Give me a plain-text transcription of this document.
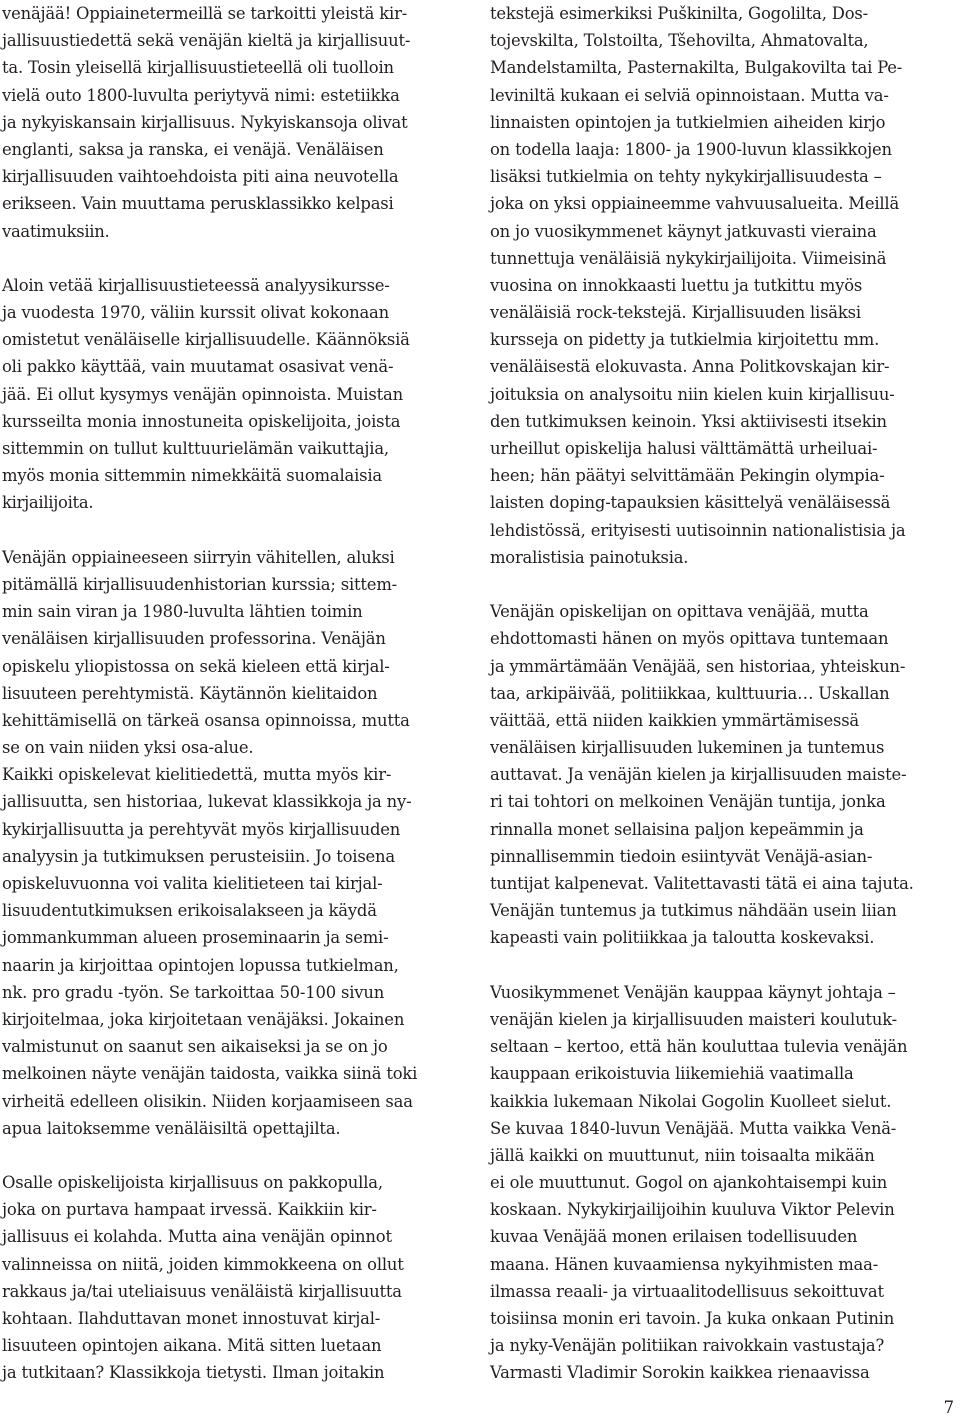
venäjää! Oppiainetermeillä se tarkoitti yleistä kir-
jallisuustiedettä sekä venäjän kieltä ja kirjallisuut-
ta. Tosin yleisellä kirjallisuustieteellä oli tuolloin
vielä outo 1800-luvulta periytyvä nimi: estetiikka
ja nykyiskansain kirjallisuus. Nykyiskansoja olivat
englanti, saksa ja ranska, ei venäjä. Venäläisen
kirjallisuuden vaihtoehdoista piti aina neuvotella
erikseen. Vain muuttama perusklassikko kelpasi
vaatimuksiin.
Aloin vetää kirjallisuustieteessä analyysikursse-
ja vuodesta 1970, väliin kurssit olivat kokonaan
omistetut venäläiselle kirjallisuudelle. Käännöksiä
oli pakko käyttää, vain muutamat osasivat venä-
jää. Ei ollut kysymys venäjän opinnoista. Muistan
kursseilta monia innostuneita opiskelijoita, joista
sittemmin on tullut kulttuurielämän vaikuttajia,
myös monia sittemmin nimekkäitä suomalaisia
kirjailijoita.
Venäjän oppiaineeseen siirryin vähitellen, aluksi
pitämällä kirjallisuudenhistorian kurssia; sittem-
min sain viran ja 1980-luvulta lähtien toimin
venäläisen kirjallisuuden professorina. Venäjän
opiskelu yliopistossa on sekä kieleen että kirjal-
lisuuteen perehtymistä. Käytännön kielitaidon
kehittämisellä on tärkeä osansa opinnoissa, mutta
se on vain niiden yksi osa-alue.
Kaikki opiskelevat kielitiedettä, mutta myös kir-
jallisuutta, sen historiaa, lukevat klassikkoja ja ny-
kykirjallisuutta ja perehtyvät myös kirjallisuuden
analyysin ja tutkimuksen perusteisiin. Jo toisena
opiskeluvuonna voi valita kielitieteen tai kirjal-
lisuudentutkimuksen erikoisalakseen ja käydä
jommankumman alueen proseminaarin ja semi-
naarin ja kirjoittaa opintojen lopussa tutkielman,
nk. pro gradu -työn. Se tarkoittaa 50-100 sivun
kirjoitelmaa, joka kirjoitetaan venäjäksi. Jokainen
valmistunut on saanut sen aikaiseksi ja se on jo
melkoinen näyte venäjän taidosta, vaikka siinä toki
virheitä edelleen olisikin. Niiden korjaamiseen saa
apua laitoksemme venäläisiltä opettajilta.
Osalle opiskelijoista kirjallisuus on pakkopulla,
joka on purtava hampaat irvessä. Kaikkiin kir-
jallisuus ei kolahda. Mutta aina venäjän opinnot
valinneissa on niitä, joiden kimmokkeena on ollut
rakkaus ja/tai uteliaisuus venäläistä kirjallisuutta
kohtaan. Ilahduttavan monet innostuvat kirjal-
lisuuteen opintojen aikana. Mitä sitten luetaan
ja tutkitaan? Klassikkoja tietysti. Ilman joitakin
tekstejä esimerkiksi Puškinilta, Gogolilta, Dos-
tojevskilta, Tolstoilta, Tšehovilta, Ahmatovalta,
Mandelstamilta, Pasternakilta, Bulgakovilta tai Pe-
leviniltä kukaan ei selviä opinnoistaan. Mutta va-
linnaisten opintojen ja tutkielmien aiheiden kirjo
on todella laaja: 1800- ja 1900-luvun klassikkojen
lisäksi tutkielmia on tehty nykykirjallisuudesta –
joka on yksi oppiaineemme vahvuusalueita. Meillä
on jo vuosikymmenet käynyt jatkuvasti vieraina
tunnettuja venäläisiä nykykirjailijoita. Viimeisinä
vuosina on innokkaasti luettu ja tutkittu myös
venäläisiä rock-tekstejä. Kirjallisuuden lisäksi
kursseja on pidetty ja tutkielmia kirjoitettu mm.
venäläisestä elokuvasta. Anna Politkovskajan kir-
joituksia on analysoitu niin kielen kuin kirjallisuu-
den tutkimuksen keinoin. Yksi aktiivisesti itsekin
urheillut opiskelija halusi välttämättä urheiluai-
heen; hän päätyi selvittämään Pekingin olympia-
laisten doping-tapauksien käsittelyä venäläisessä
lehdistössä, erityisesti uutisoinnin nationalistisia ja
moralistisia painotuksia.
Venäjän opiskelijan on opittava venäjää, mutta
ehdottomasti hänen on myös opittava tuntemaan
ja ymmärtämään Venäjää, sen historiaa, yhteiskun-
taa, arkipäivää, politiikkaa, kulttuuria… Uskallan
väittää, että niiden kaikkien ymmärtämisessä
venäläisen kirjallisuuden lukeminen ja tuntemus
auttavat. Ja venäjän kielen ja kirjallisuuden maiste-
ri tai tohtori on melkoinen Venäjän tuntija, jonka
rinnalla monet sellaisina paljon kepeämmin ja
pinnallisemmin tiedoin esiintyvät Venäjä-asian-
tuntijat kalpenevat. Valitettavasti tätä ei aina tajuta.
Venäjän tuntemus ja tutkimus nähdään usein liian
kapeasti vain politiikkaa ja taloutta koskevaksi.
Vuosikymmenet Venäjän kauppaa käynyt johtaja –
venäjän kielen ja kirjallisuuden maisteri koulutuk-
seltaan – kertoo, että hän kouluttaa tulevia venäjän
kauppaan erikoistuvia liikemiehiä vaatimalla
kaikkia lukemaan Nikolai Gogolin Kuolleet sielut.
Se kuvaa 1840-luvun Venäjää. Mutta vaikka Venä-
jällä kaikki on muuttunut, niin toisaalta mikään
ei ole muuttunut. Gogol on ajankohtaisempi kuin
koskaan. Nykykirjailijoihin kuuluva Viktor Pelevin
kuvaa Venäjää monen erilaisen todellisuuden
maana. Hänen kuvaamiensa nykyihmisten maa-
ilmassa reaali- ja virtuaalitodellisuus sekoittuvat
toisiinsa monin eri tavoin. Ja kuka onkaan Putinin
ja nyky-Venäjän politiikan raivokkain vastustaja?
Varmasti Vladimir Sorokin kaikkea rienaavissa
7
